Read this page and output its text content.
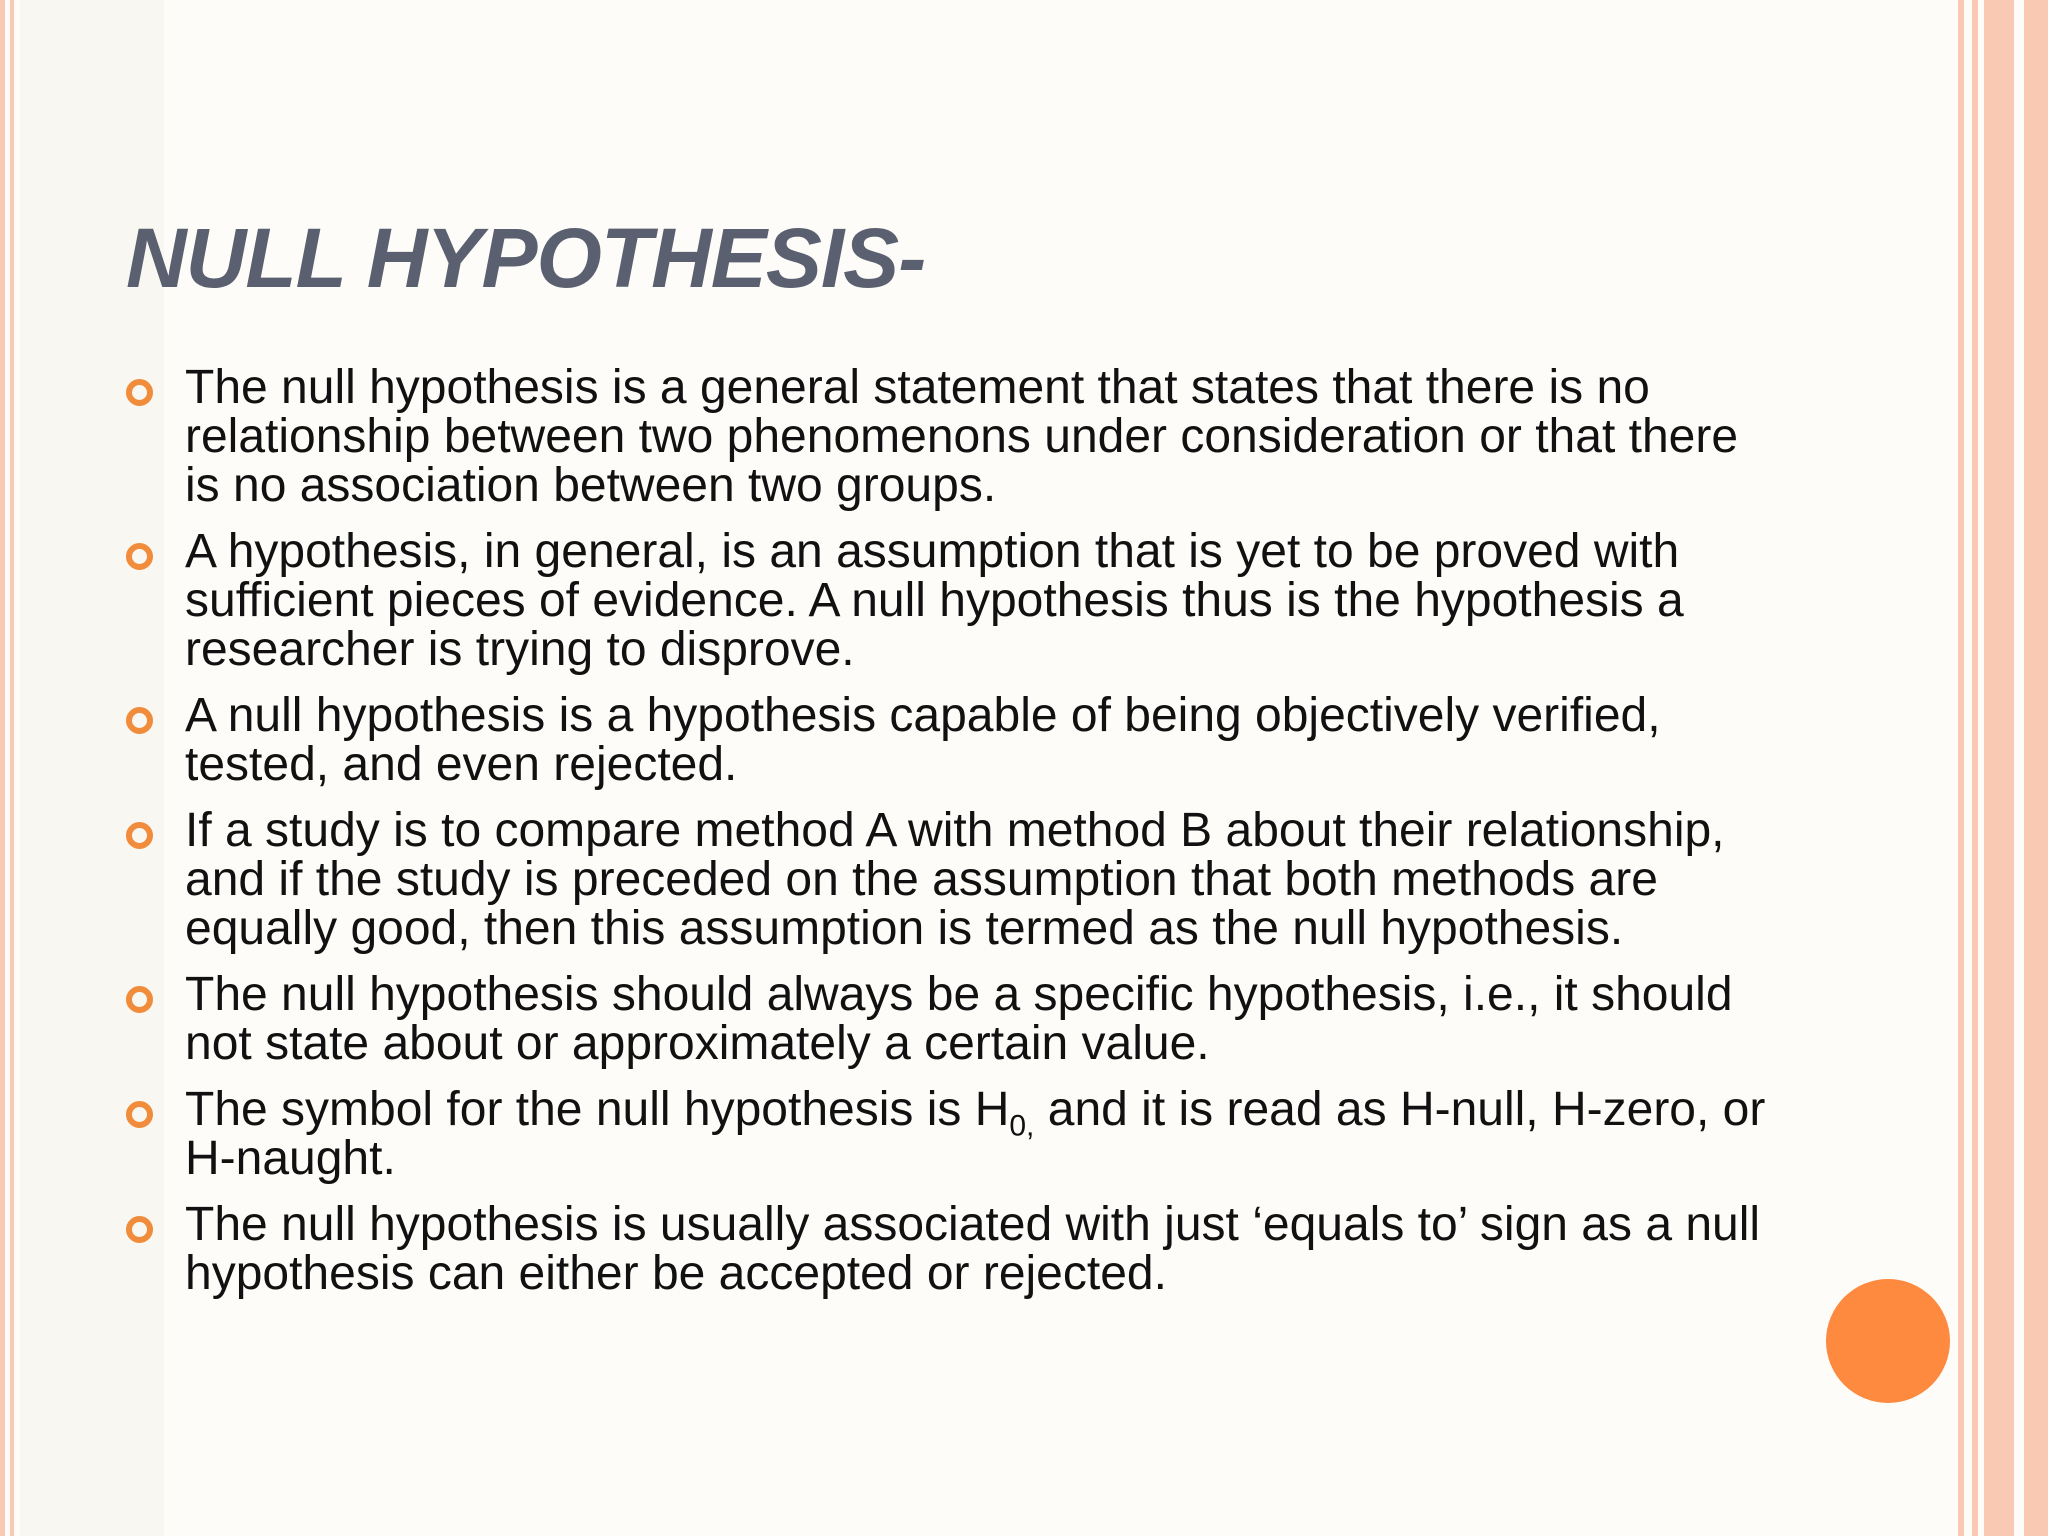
NULL HYPOTHESIS-
The null hypothesis is a general statement that states that there is no relationship between two phenomenons under consideration or that there is no association between two groups.
A hypothesis, in general, is an assumption that is yet to be proved with sufficient pieces of evidence. A null hypothesis thus is the hypothesis a researcher is trying to disprove.
A null hypothesis is a hypothesis capable of being objectively verified, tested, and even rejected.
If a study is to compare method A with method B about their relationship, and if the study is preceded on the assumption that both methods are equally good, then this assumption is termed as the null hypothesis.
The null hypothesis should always be a specific hypothesis, i.e., it should not state about or approximately a certain value.
The symbol for the null hypothesis is $H_{0,}$ and it is read as H-null, H-zero, or H-naught.
The null hypothesis is usually associated with just ‘equals to’ sign as a null hypothesis can either be accepted or rejected.
